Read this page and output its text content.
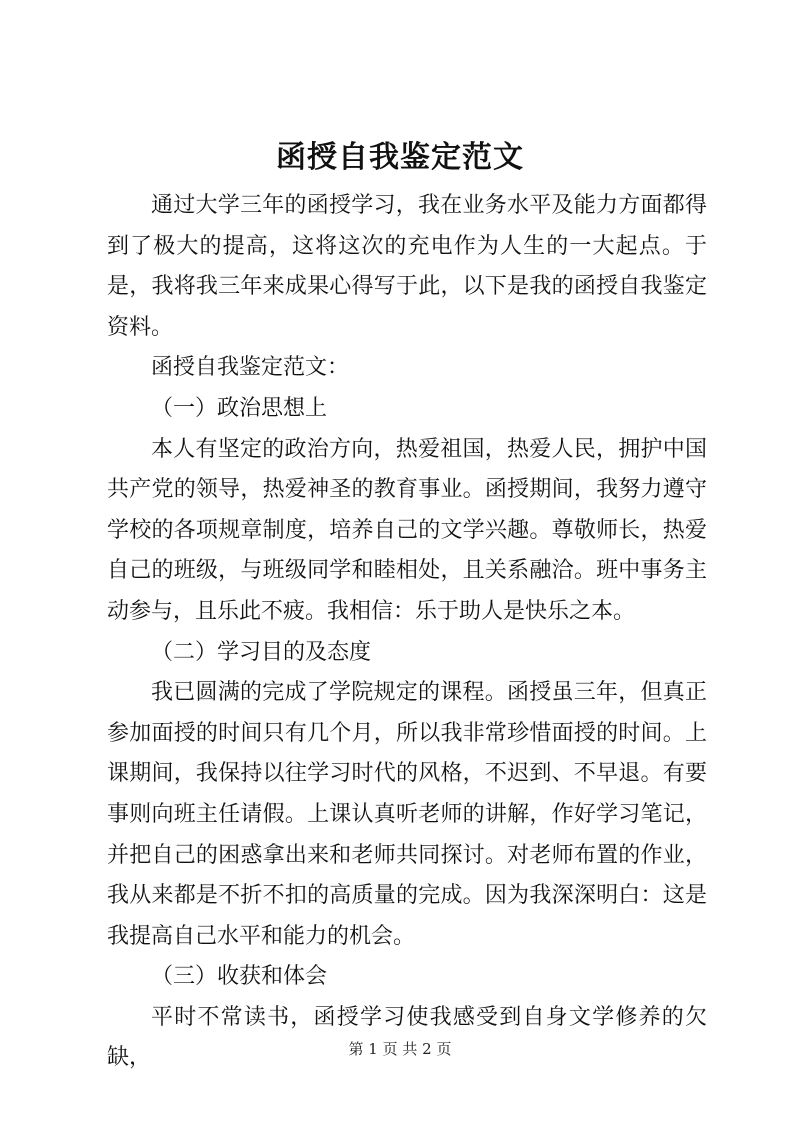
函授自我鉴定范文

通过大学三年的函授学习，我在业务水平及能力方面都得到了极大的提高，这将这次的充电作为人生的一大起点。于是，我将我三年来成果心得写于此，以下是我的函授自我鉴定资料。

函授自我鉴定范文：

（一）政治思想上

本人有坚定的政治方向，热爱祖国，热爱人民，拥护中国共产党的领导，热爱神圣的教育事业。函授期间，我努力遵守学校的各项规章制度，培养自己的文学兴趣。尊敬师长，热爱自己的班级，与班级同学和睦相处，且关系融洽。班中事务主动参与，且乐此不疲。我相信：乐于助人是快乐之本。

（二）学习目的及态度

我已圆满的完成了学院规定的课程。函授虽三年，但真正参加面授的时间只有几个月，所以我非常珍惜面授的时间。上课期间，我保持以往学习时代的风格，不迟到、不早退。有要事则向班主任请假。上课认真听老师的讲解，作好学习笔记，并把自己的困惑拿出来和老师共同探讨。对老师布置的作业，我从来都是不折不扣的高质量的完成。因为我深深明白：这是我提高自己水平和能力的机会。

（三）收获和体会

平时不常读书，函授学习使我感受到自身文学修养的欠缺，	第 1 页 共 2 页
